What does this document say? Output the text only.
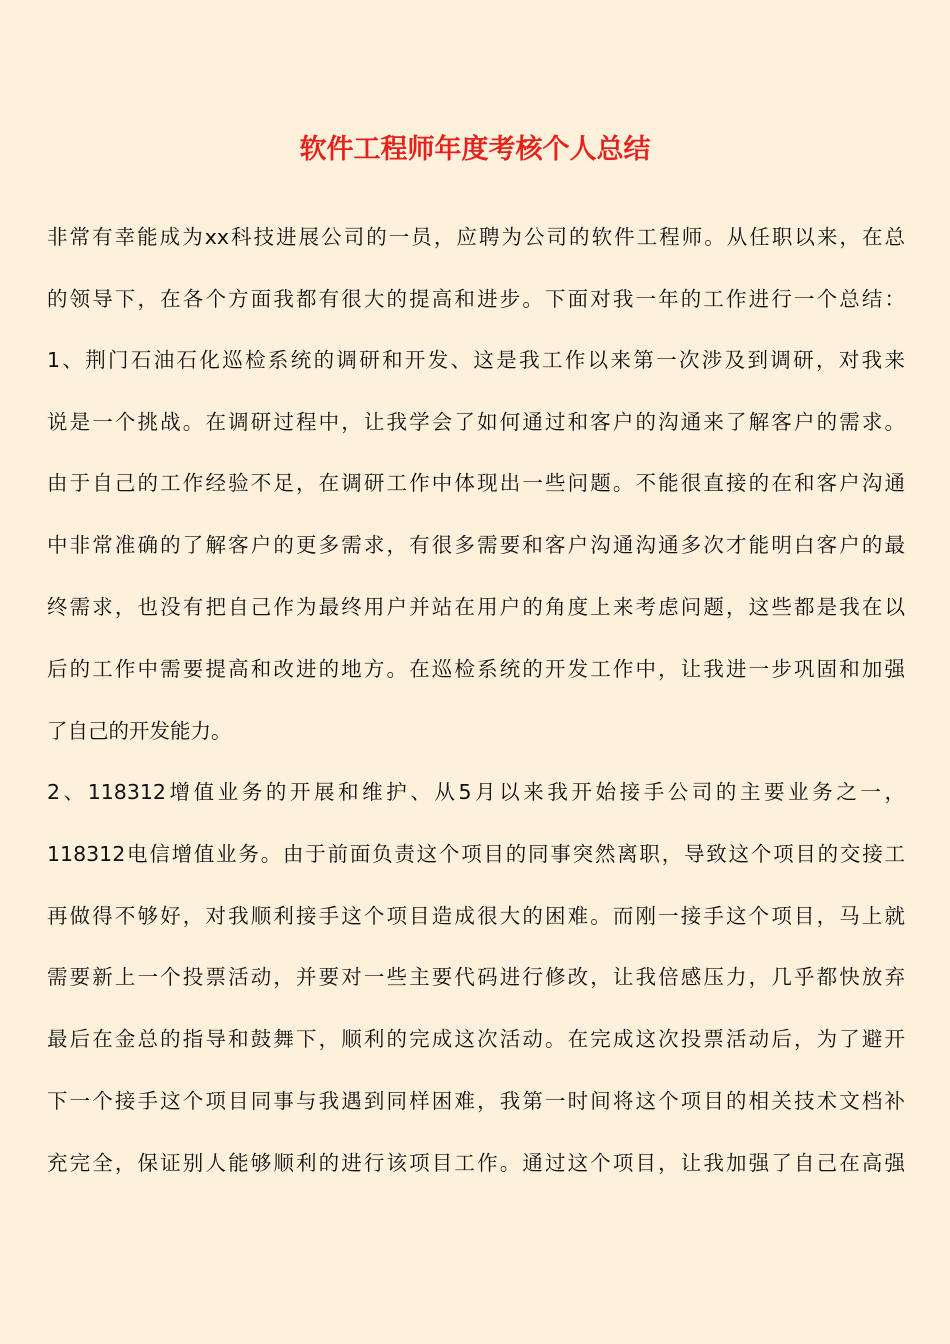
软件工程师年度考核个人总结
非常有幸能成为xx科技进展公司的一员，应聘为公司的软件工程师。从任职以来，在总
的领导下，在各个方面我都有很大的提高和进步。下面对我一年的工作进行一个总结：
1、荆门石油石化巡检系统的调研和开发、这是我工作以来第一次涉及到调研，对我来
说是一个挑战。在调研过程中，让我学会了如何通过和客户的沟通来了解客户的需求。
由于自己的工作经验不足，在调研工作中体现出一些问题。不能很直接的在和客户沟通
中非常准确的了解客户的更多需求，有很多需要和客户沟通沟通多次才能明白客户的最
终需求，也没有把自己作为最终用户并站在用户的角度上来考虑问题，这些都是我在以
后的工作中需要提高和改进的地方。在巡检系统的开发工作中，让我进一步巩固和加强
了自己的开发能力。
2、118312增值业务的开展和维护、从5月以来我开始接手公司的主要业务之一，
118312电信增值业务。由于前面负责这个项目的同事突然离职，导致这个项目的交接工
再做得不够好，对我顺利接手这个项目造成很大的困难。而刚一接手这个项目，马上就
需要新上一个投票活动，并要对一些主要代码进行修改，让我倍感压力，几乎都快放弃
最后在金总的指导和鼓舞下，顺利的完成这次活动。在完成这次投票活动后，为了避开
下一个接手这个项目同事与我遇到同样困难，我第一时间将这个项目的相关技术文档补
充完全，保证别人能够顺利的进行该项目工作。通过这个项目，让我加强了自己在高强
